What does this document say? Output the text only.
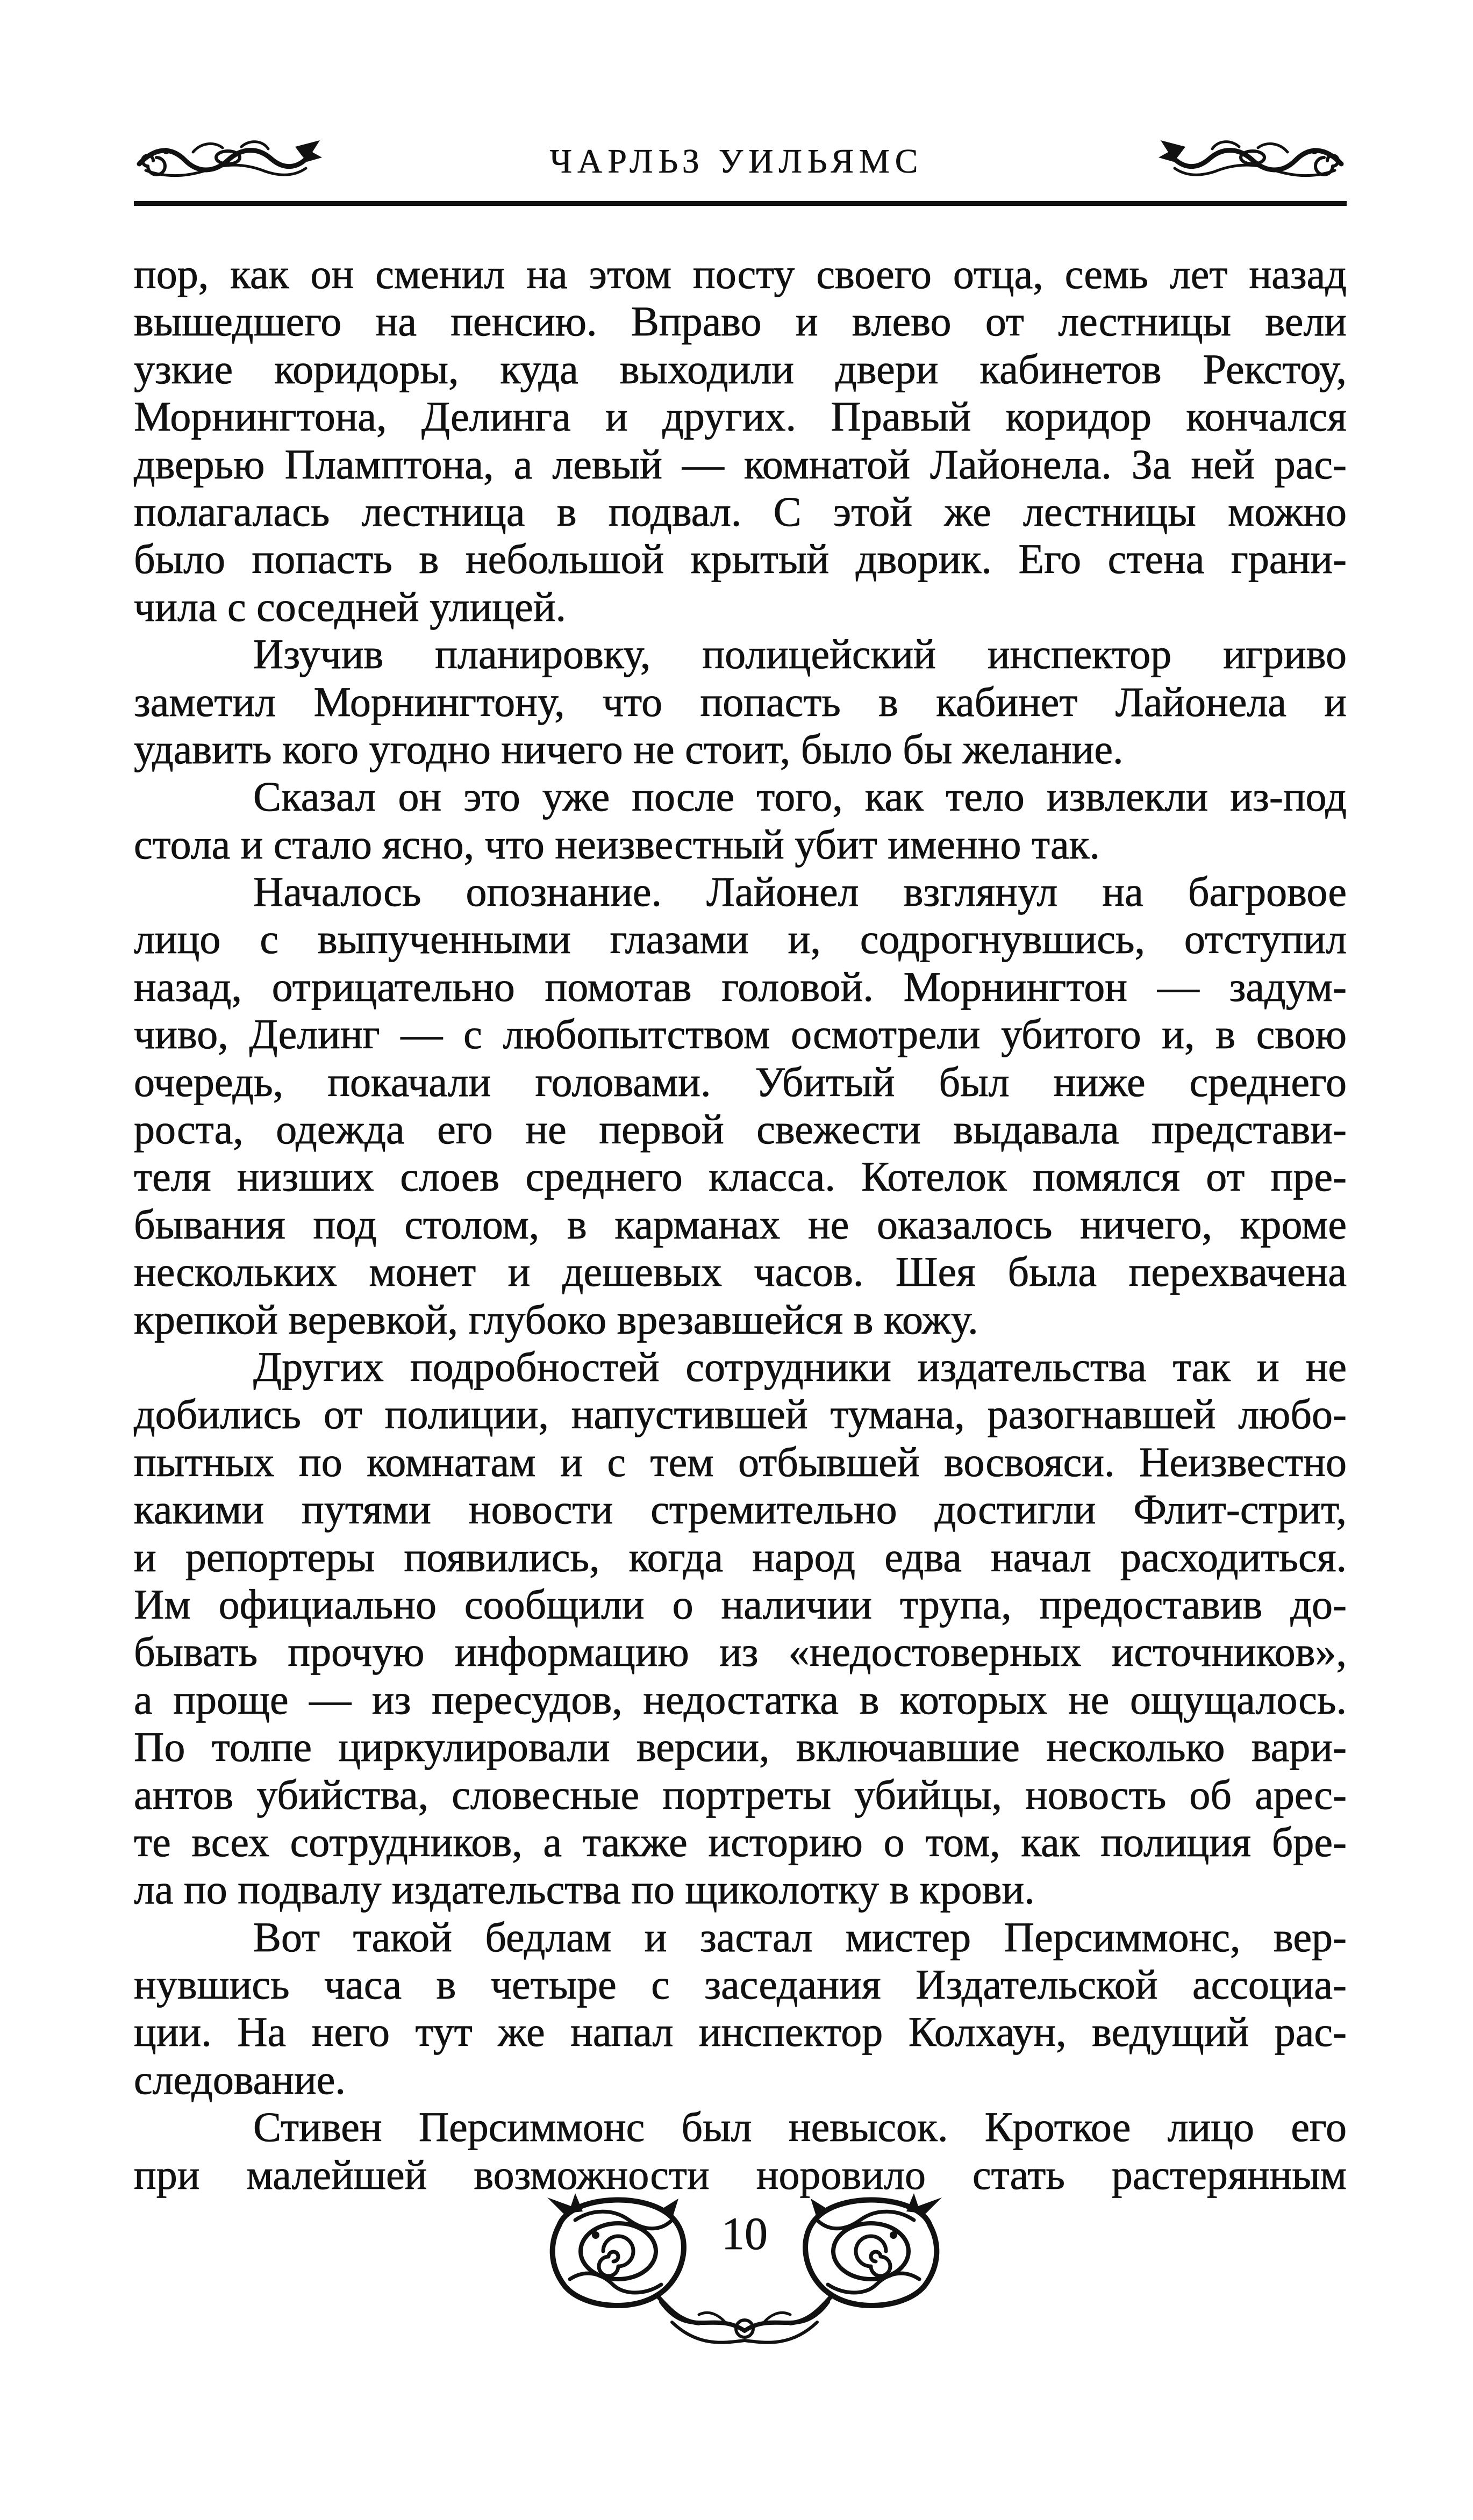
ЧАРЛЬЗ УИЛЬЯМС
пор, как он сменил на этом посту своего отца, семь лет назад
вышедшего на пенсию. Вправо и влево от лестницы вели
узкие коридоры, куда выходили двери кабинетов Рекстоу,
Морнингтона, Делинга и других. Правый коридор кончался
дверью Пламптона, а левый — комнатой Лайонела. За ней рас-
полагалась лестница в подвал. С этой же лестницы можно
было попасть в небольшой крытый дворик. Его стена грани-
чила с соседней улицей.
Изучив планировку, полицейский инспектор игриво
заметил Морнингтону, что попасть в кабинет Лайонела и
удавить кого угодно ничего не стоит, было бы желание.
Сказал он это уже после того, как тело извлекли из-под
стола и стало ясно, что неизвестный убит именно так.
Началось опознание. Лайонел взглянул на багровое
лицо с выпученными глазами и, содрогнувшись, отступил
назад, отрицательно помотав головой. Морнингтон — задум-
чиво, Делинг — с любопытством осмотрели убитого и, в свою
очередь, покачали головами. Убитый был ниже среднего
роста, одежда его не первой свежести выдавала представи-
теля низших слоев среднего класса. Котелок помялся от пре-
бывания под столом, в карманах не оказалось ничего, кроме
нескольких монет и дешевых часов. Шея была перехвачена
крепкой веревкой, глубоко врезавшейся в кожу.
Других подробностей сотрудники издательства так и не
добились от полиции, напустившей тумана, разогнавшей любо-
пытных по комнатам и с тем отбывшей восвояси. Неизвестно
какими путями новости стремительно достигли Флит-стрит,
и репортеры появились, когда народ едва начал расходиться.
Им официально сообщили о наличии трупа, предоставив до-
бывать прочую информацию из «недостоверных источников»,
а проще — из пересудов, недостатка в которых не ощущалось.
По толпе циркулировали версии, включавшие несколько вари-
антов убийства, словесные портреты убийцы, новость об арес-
те всех сотрудников, а также историю о том, как полиция бре-
ла по подвалу издательства по щиколотку в крови.
Вот такой бедлам и застал мистер Персиммонс, вер-
нувшись часа в четыре с заседания Издательской ассоциа-
ции. На него тут же напал инспектор Колхаун, ведущий рас-
следование.
Стивен Персиммонс был невысок. Кроткое лицо его
при малейшей возможности норовило стать растерянным
10
